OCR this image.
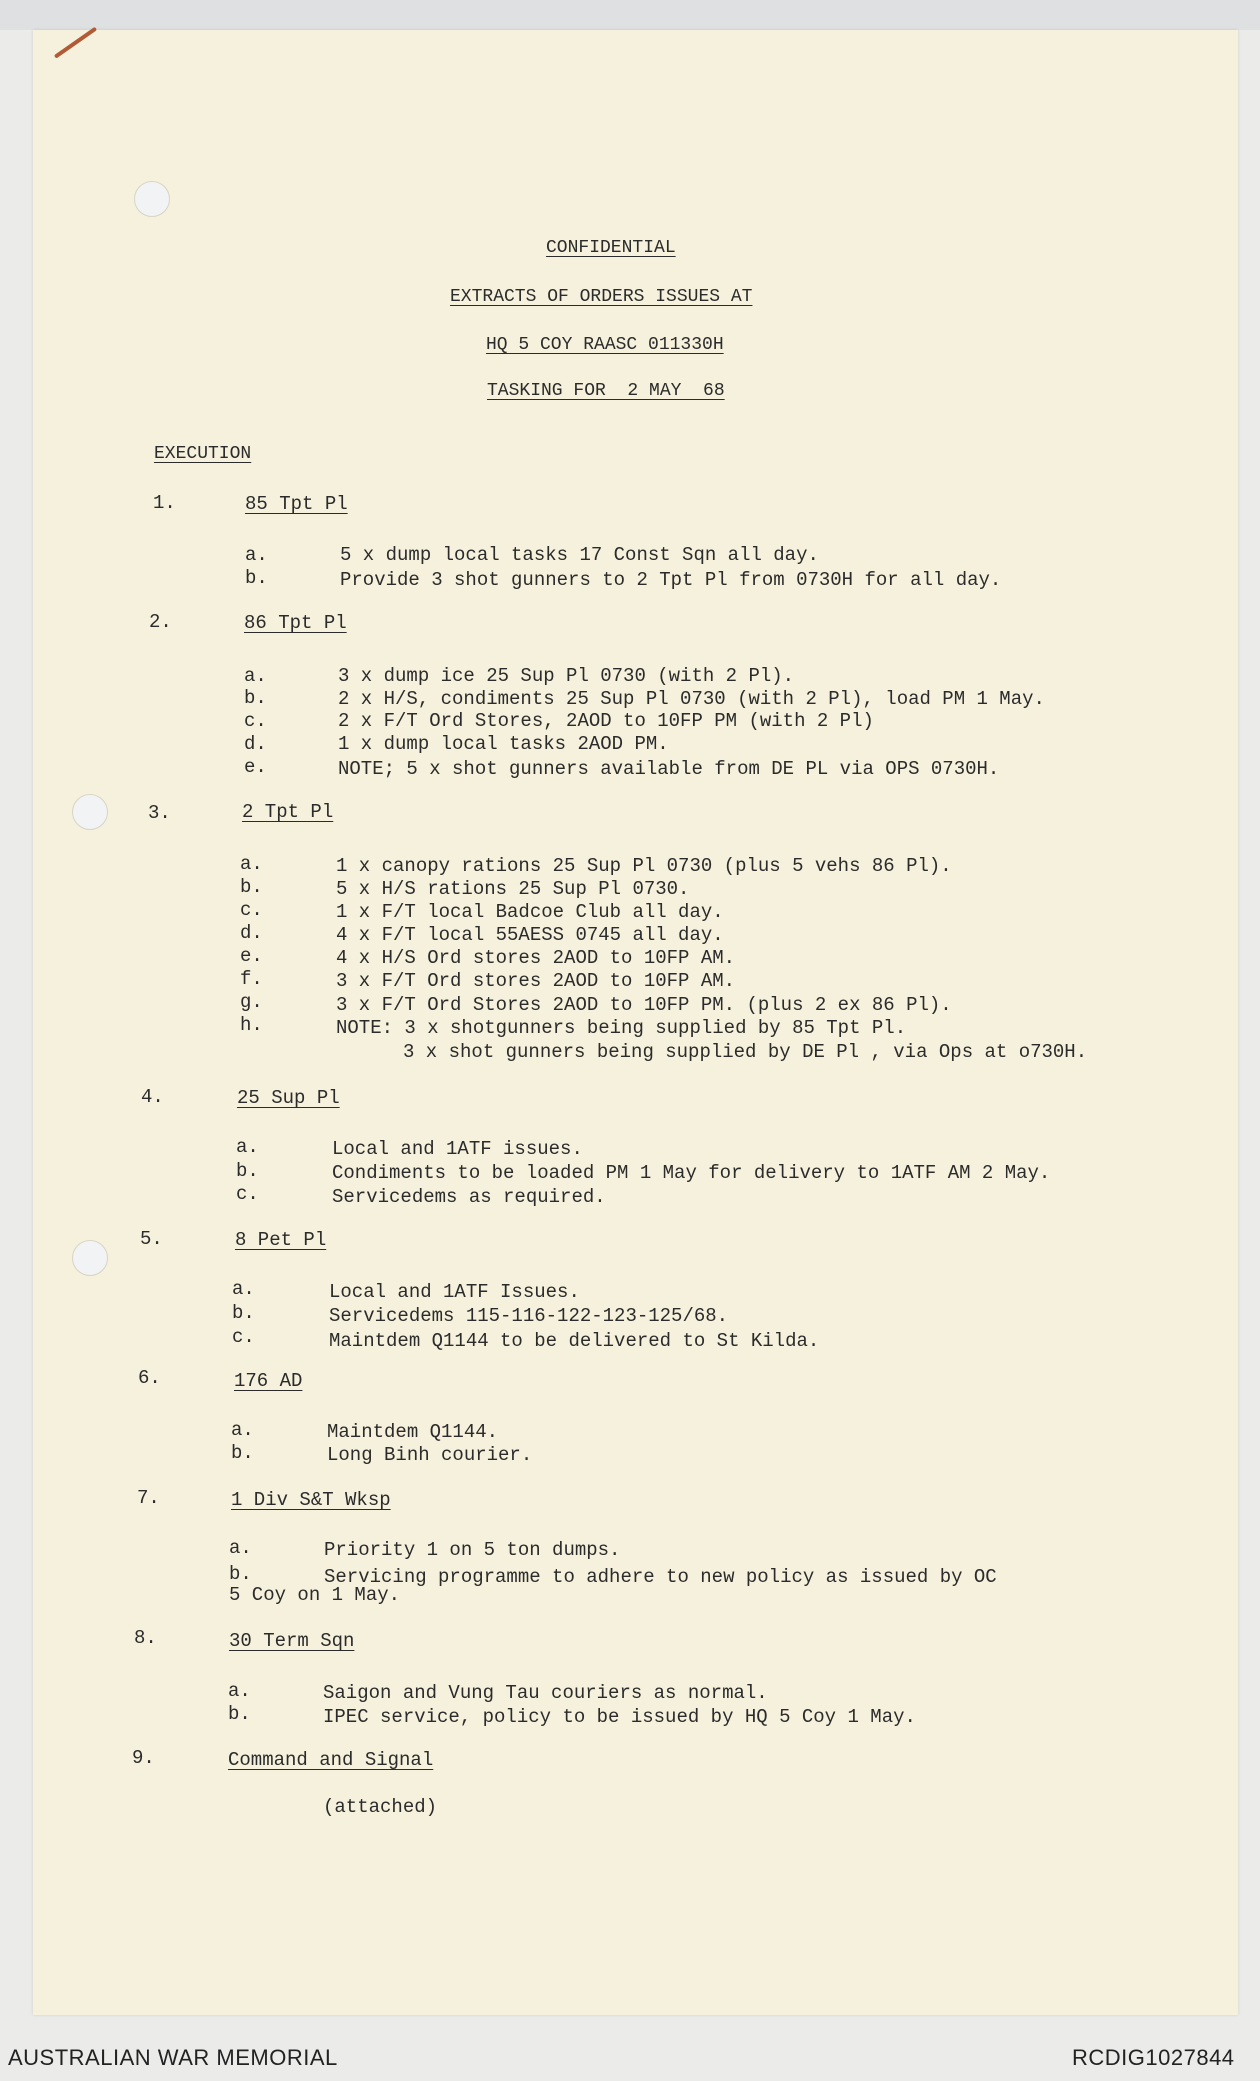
CONFIDENTIAL
EXTRACTS OF ORDERS ISSUES AT
HQ 5 COY RAASC 011330H
TASKING FOR  2 MAY  68
EXECUTION
1.	85 Tpt Pl
a.	5 x dump local tasks 17 Const Sqn all day.
b.	Provide 3 shot gunners to 2 Tpt Pl from 0730H for all day.
2.	86 Tpt Pl
a.	3 x dump ice 25 Sup Pl 0730 (with 2 Pl).
b.	2 x H/S, condiments 25 Sup Pl 0730 (with 2 Pl), load PM 1 May.
c.	2 x F/T Ord Stores, 2AOD to 10FP PM (with 2 Pl)
d.	1 x dump local tasks 2AOD PM.
e.	NOTE; 5 x shot gunners available from DE PL via OPS 0730H.
3.	2 Tpt Pl
a.	1 x canopy rations 25 Sup Pl 0730 (plus 5 vehs 86 Pl).
b.	5 x H/S rations 25 Sup Pl 0730.
c.	1 x F/T local Badcoe Club all day.
d.	4 x F/T local 55AESS 0745 all day.
e.	4 x H/S Ord stores 2AOD to 10FP AM.
f.	3 x F/T Ord stores 2AOD to 10FP AM.
g.	3 x F/T Ord Stores 2AOD to 10FP PM. (plus 2 ex 86 Pl).
h.	NOTE: 3 x shotgunners being supplied by 85 Tpt Pl.
3 x shot gunners being supplied by DE Pl , via Ops at o730H.
4.	25 Sup Pl
a.	Local and 1ATF issues.
b.	Condiments to be loaded PM 1 May for delivery to 1ATF AM 2 May.
c.	Servicedems as required.
5.	8 Pet Pl
a.	Local and 1ATF Issues.
b.	Servicedems 115-116-122-123-125/68.
c.	Maintdem Q1144 to be delivered to St Kilda.
6.	176 AD
a.	Maintdem Q1144.
b.	Long Binh courier.
7.	1 Div S&T Wksp
a.	Priority 1 on 5 ton dumps.
b.	Servicing programme to adhere to new policy as issued by OC
5 Coy on 1 May.
8.	30 Term Sqn
a.	Saigon and Vung Tau couriers as normal.
b.	IPEC service, policy to be issued by HQ 5 Coy 1 May.
9.	Command and Signal
(attached)
AUSTRALIAN WAR MEMORIAL	RCDIG1027844
